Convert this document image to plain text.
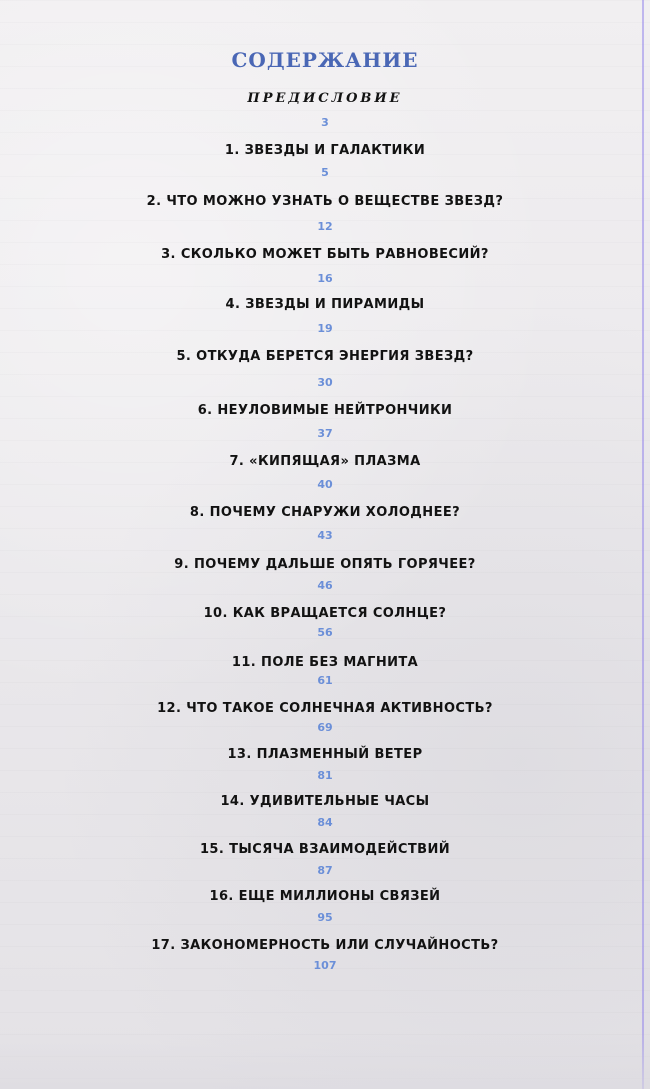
СОДЕРЖАНИЕ
ПРЕДИСЛОВИЕ
3
1. ЗВЕЗДЫ И ГАЛАКТИКИ
5
2. ЧТО МОЖНО УЗНАТЬ О ВЕЩЕСТВЕ ЗВЕЗД?
12
3. СКОЛЬКО МОЖЕТ БЫТЬ РАВНОВЕСИЙ?
16
4. ЗВЕЗДЫ И ПИРАМИДЫ
19
5. ОТКУДА БЕРЕТСЯ ЭНЕРГИЯ ЗВЕЗД?
30
6. НЕУЛОВИМЫЕ НЕЙТРОНЧИКИ
37
7. «КИПЯЩАЯ» ПЛАЗМА
40
8. ПОЧЕМУ СНАРУЖИ ХОЛОДНЕЕ?
43
9. ПОЧЕМУ ДАЛЬШЕ ОПЯТЬ ГОРЯЧЕЕ?
46
10. КАК ВРАЩАЕТСЯ СОЛНЦЕ?
56
11. ПОЛЕ БЕЗ МАГНИТА
61
12. ЧТО ТАКОЕ СОЛНЕЧНАЯ АКТИВНОСТЬ?
69
13. ПЛАЗМЕННЫЙ ВЕТЕР
81
14. УДИВИТЕЛЬНЫЕ ЧАСЫ
84
15. ТЫСЯЧА ВЗАИМОДЕЙСТВИЙ
87
16. ЕЩЕ МИЛЛИОНЫ СВЯЗЕЙ
95
17. ЗАКОНОМЕРНОСТЬ ИЛИ СЛУЧАЙНОСТЬ?
107
